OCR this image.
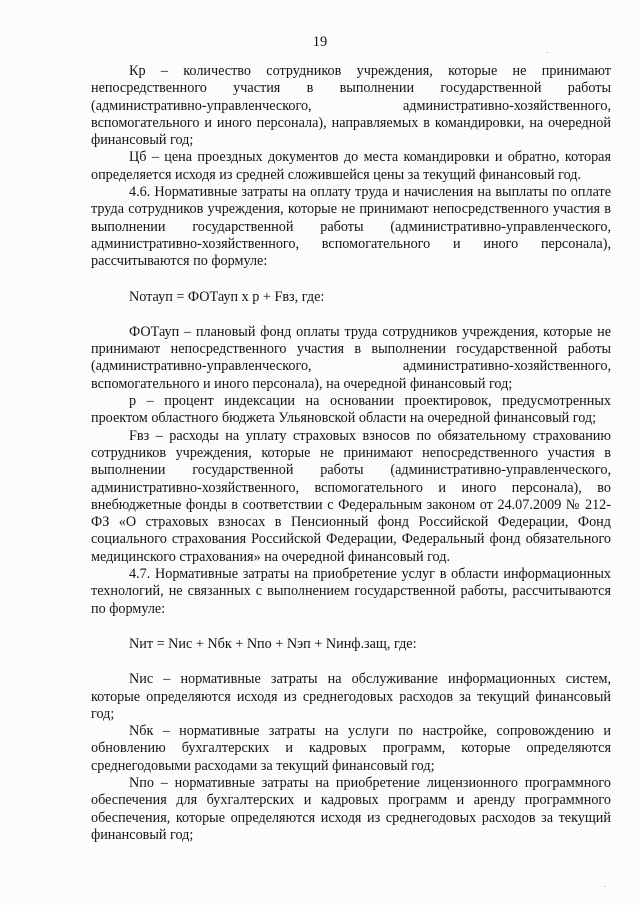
19

Кр – количество сотрудников учреждения, которые не принимают непосредственного участия в выполнении государственной работы (административно-управленческого, административно-хозяйственного, вспомогательного и иного персонала), направляемых в командировки, на очередной финансовый год;

Цб – цена проездных документов до места командировки и обратно, которая определяется исходя из средней сложившейся цены за текущий финансовый год.

4.6. Нормативные затраты на оплату труда и начисления на выплаты по оплате труда сотрудников учреждения, которые не принимают непосредственного участия в выполнении государственной работы (административно-управленческого, административно-хозяйственного, вспомогательного и иного персонала), рассчитываются по формуле:

Nотауп = ФОТауп х р + Fвз, где:

ФОТауп – плановый фонд оплаты труда сотрудников учреждения, которые не принимают непосредственного участия в выполнении государственной работы (административно-управленческого, административно-хозяйственного, вспомогательного и иного персонала), на очередной финансовый год;

р – процент индексации на основании проектировок, предусмотренных проектом областного бюджета Ульяновской области на очередной финансовый год;

Fвз – расходы на уплату страховых взносов по обязательному страхованию сотрудников учреждения, которые не принимают непосредственного участия в выполнении государственной работы (административно-управленческого, административно-хозяйственного, вспомогательного и иного персонала), во внебюджетные фонды в соответствии с Федеральным законом от 24.07.2009 № 212-ФЗ «О страховых взносах в Пенсионный фонд Российской Федерации, Фонд социального страхования Российской Федерации, Федеральный фонд обязательного медицинского страхования» на очередной финансовый год.

4.7. Нормативные затраты на приобретение услуг в области информационных технологий, не связанных с выполнением государственной работы, рассчитываются по формуле:

Nит = Nис + Nбк + Nпо + Nэп + Nинф.защ, где:

Nис – нормативные затраты на обслуживание информационных систем, которые определяются исходя из среднегодовых расходов за текущий финансовый год;

Nбк – нормативные затраты на услуги по настройке, сопровождению и обновлению бухгалтерских и кадровых программ, которые определяются среднегодовыми расходами за текущий финансовый год;

Nпо – нормативные затраты на приобретение лицензионного программного обеспечения для бухгалтерских и кадровых программ и аренду программного обеспечения, которые определяются исходя из среднегодовых расходов за текущий финансовый год;
